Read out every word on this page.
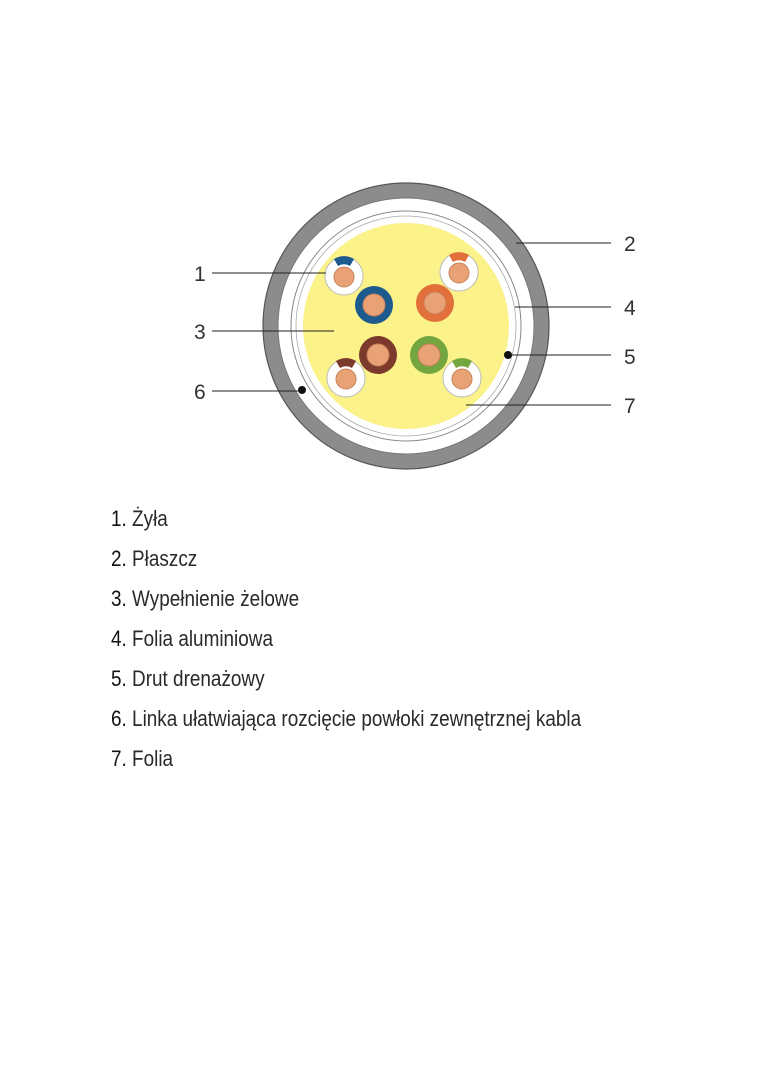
1
3
6
2
4
5
7
1. Żyła
2. Płaszcz
3. Wypełnienie żelowe
4. Folia aluminiowa
5. Drut drenażowy
6. Linka ułatwiająca rozcięcie powłoki zewnętrznej kabla
7. Folia
